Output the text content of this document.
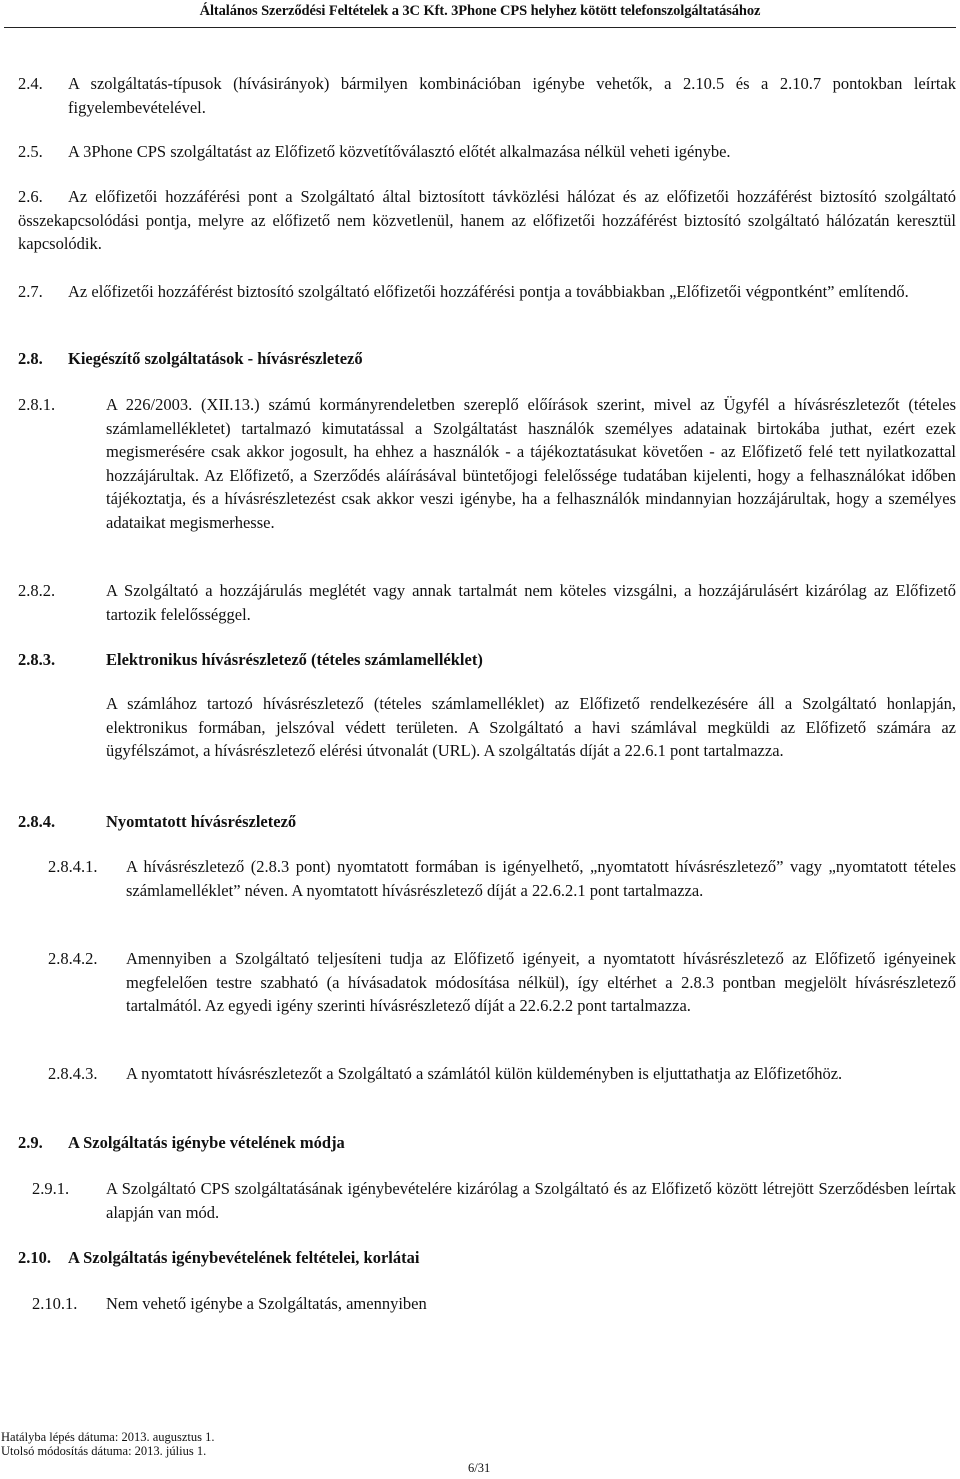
Általános Szerződési Feltételek a 3C Kft. 3Phone CPS helyhez kötött telefonszolgáltatásához
2.4. A szolgáltatás-típusok (hívásirányok) bármilyen kombinációban igénybe vehetők, a 2.10.5 és a 2.10.7 pontokban leírtak figyelembevételével.
2.5. A 3Phone CPS szolgáltatást az Előfizető közvetítőválasztó előtét alkalmazása nélkül veheti igénybe.
2.6.	Az előfizetői hozzáférési pont a Szolgáltató által biztosított távközlési hálózat és az előfizetői hozzáférést biztosító szolgáltató összekapcsolódási pontja, melyre az előfizető nem közvetlenül, hanem az előfizetői hozzáférést biztosító szolgáltató hálózatán keresztül kapcsolódik.
2.7.	Az előfizetői hozzáférést biztosító szolgáltató előfizetői hozzáférési pontja a továbbiakban „Előfizetői végpontként” említendő.
2.8. Kiegészítő szolgáltatások - hívásrészletező
2.8.1.	A 226/2003. (XII.13.) számú kormányrendeletben szereplő előírások szerint, mivel az Ügyfél a hívásrészletezőt (tételes számlamellékletet) tartalmazó kimutatással a Szolgáltatást használók személyes adatainak birtokába juthat, ezért ezek megismerésére csak akkor jogosult, ha ehhez a használók - a tájékoztatásukat követően - az Előfizető felé tett nyilatkozattal hozzájárultak. Az Előfizető, a Szerződés aláírásával büntetőjogi felelőssége tudatában kijelenti, hogy a felhasználókat időben tájékoztatja, és a hívásrészletezést csak akkor veszi igénybe, ha a felhasználók mindannyian hozzájárultak, hogy a személyes adataikat megismerhesse.
2.8.2.	A Szolgáltató a hozzájárulás meglétét vagy annak tartalmát nem köteles vizsgálni, a hozzájárulásért kizárólag az Előfizető tartozik felelősséggel.
2.8.3.	Elektronikus hívásrészletező (tételes számlamelléklet)
A számlához tartozó hívásrészletező (tételes számlamelléklet) az Előfizető rendelkezésére áll a Szolgáltató honlapján, elektronikus formában, jelszóval védett területen. A Szolgáltató a havi számlával megküldi az Előfizető számára az ügyfélszámot, a hívásrészletező elérési útvonalát (URL). A szolgáltatás díját a 22.6.1 pont tartalmazza.
2.8.4.	Nyomtatott hívásrészletező
2.8.4.1. A hívásrészletező (2.8.3 pont) nyomtatott formában is igényelhető, „nyomtatott hívásrészletező” vagy „nyomtatott tételes számlamelléklet” néven. A nyomtatott hívásrészletező díját a 22.6.2.1 pont tartalmazza.
2.8.4.2. Amennyiben a Szolgáltató teljesíteni tudja az Előfizető igényeit, a nyomtatott hívásrészletező az Előfizető igényeinek megfelelően testre szabható (a hívásadatok módosítása nélkül), így eltérhet a 2.8.3 pontban megjelölt hívásrészletező tartalmától. Az egyedi igény szerinti hívásrészletező díját a 22.6.2.2 pont tartalmazza.
2.8.4.3. A nyomtatott hívásrészletezőt a Szolgáltató a számlától külön küldeményben is eljuttathatja az Előfizetőhöz.
2.9. A Szolgáltatás igénybe vételének módja
2.9.1. A Szolgáltató CPS szolgáltatásának igénybevételére kizárólag a Szolgáltató és az Előfizető között létrejött Szerződésben leírtak alapján van mód.
2.10. A Szolgáltatás igénybevételének feltételei, korlátai
2.10.1. Nem vehető igénybe a Szolgáltatás, amennyiben
Hatályba lépés dátuma: 2013. augusztus 1.
Utolsó módosítás dátuma: 2013. július 1.
6/31
